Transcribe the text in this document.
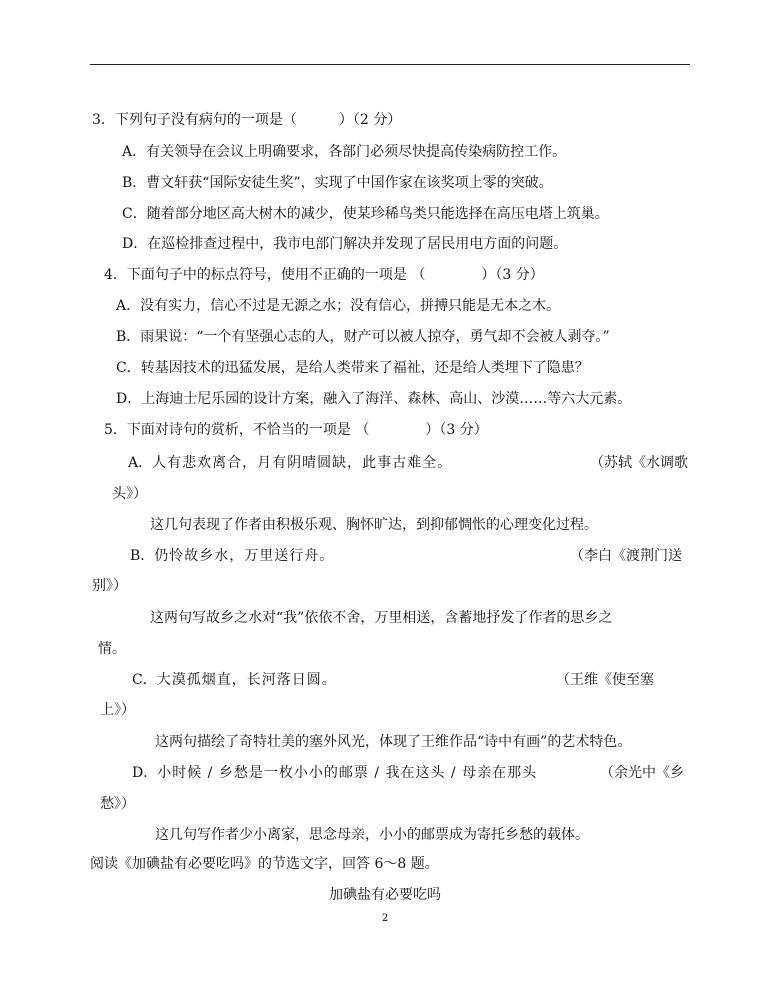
3．下列句子没有病句的一项是（　　　）（2 分）
A．有关领导在会议上明确要求，各部门必须尽快提高传染病防控工作。
B．曹文轩获“国际安徒生奖”，实现了中国作家在该奖项上零的突破。
C．随着部分地区高大树木的减少，使某珍稀鸟类只能选择在高压电塔上筑巢。
D．在巡检排查过程中，我市电部门解决并发现了居民用电方面的问题。
4．下面句子中的标点符号，使用不正确的一项是 （　　　　）（3 分）
A．没有实力，信心不过是无源之水；没有信心，拼搏只能是无本之木。
B．雨果说：“一个有坚强心志的人，财产可以被人掠夺，勇气却不会被人剥夺。”
C．转基因技术的迅猛发展，是给人类带来了福祉，还是给人类埋下了隐患？
D．上海迪士尼乐园的设计方案，融入了海洋、森林、高山、沙漠……等六大元素。
5．下面对诗句的赏析，不恰当的一项是 （　　　　）（3 分）
A．人有悲欢离合，月有阴晴圆缺，此事古难全。	（苏轼《水调歌
头》）
这几句表现了作者由积极乐观、胸怀旷达，到抑郁惆怅的心理变化过程。
B．仍怜故乡水，万里送行舟。	（李白《渡荆门送
别》）
这两句写故乡之水对“我”依依不舍，万里相送，含蓄地抒发了作者的思乡之
情。
C．大漠孤烟直，长河落日圆。	（王维《使至塞
上》）
这两句描绘了奇特壮美的塞外风光，体现了王维作品“诗中有画”的艺术特色。
D．小时候 / 乡愁是一枚小小的邮票 / 我在这头 / 母亲在那头	（余光中《乡
愁》）
这几句写作者少小离家，思念母亲，小小的邮票成为寄托乡愁的载体。
阅读《加碘盐有必要吃吗》的节选文字，回答 6～8 题。
加碘盐有必要吃吗
2
